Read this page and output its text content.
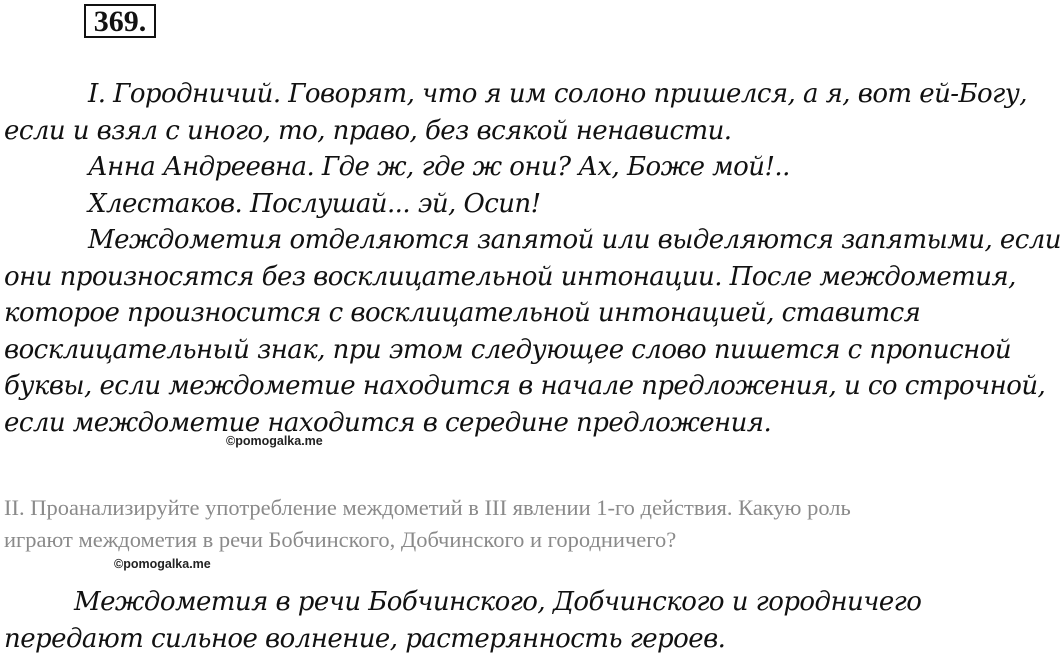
369.
I. Городничий. Говорят, что я им солоно пришелся, а я, вот ей-Богу,
если и взял с иного, то, право, без всякой ненависти.
Анна Андреевна. Где ж, где ж они? Ах, Боже мой!..
Хлестаков. Послушай... эй, Осип!
Междометия отделяются запятой или выделяются запятыми, если
они произносятся без восклицательной интонации. После междометия,
которое произносится с восклицательной интонацией, ставится
восклицательный знак, при этом следующее слово пишется с прописной
буквы, если междометие находится в начале предложения, и со строчной,
если междометие находится в середине предложения.
©pomogalka.me
II. Проанализируйте употребление междометий в III явлении 1-го действия. Какую роль
играют междометия в речи Бобчинского, Добчинского и городничего?
©pomogalka.me
Междометия в речи Бобчинского, Добчинского и городничего
передают сильное волнение, растерянность героев.
